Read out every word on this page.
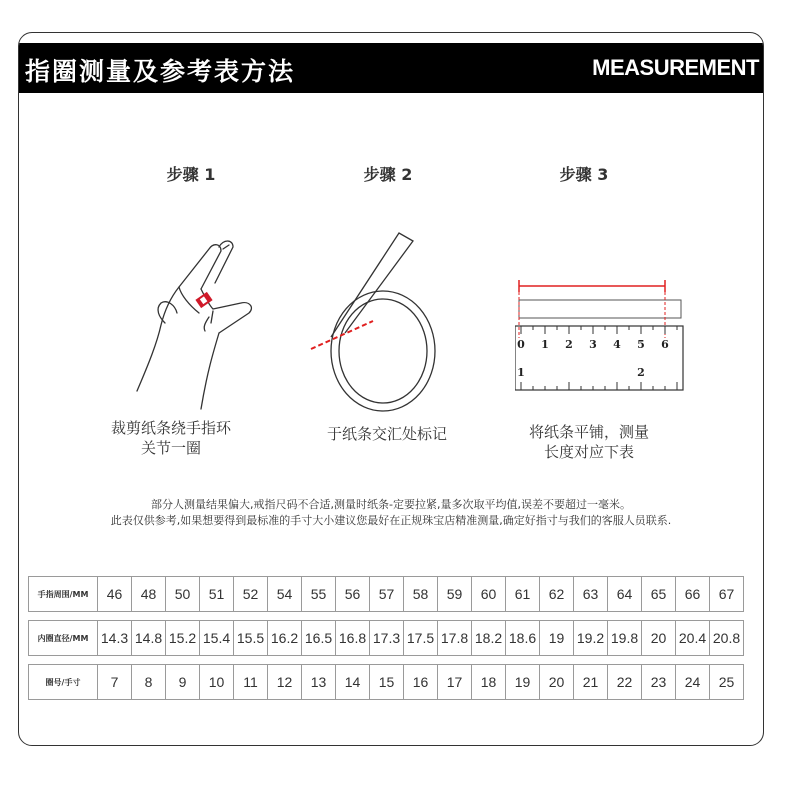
指圈测量及参考表方法	MEASUREMENT
步骤 1	步骤 2	步骤 3
0 1 2 3 4 5 6
1	2
裁剪纸条绕手指环
关节一圈
于纸条交汇处标记	将纸条平铺，测量
长度对应下表
部分人测量结果偏大,戒指尺码不合适,测量时纸条-定要拉紧,量多次取平均值,误差不要超过一毫米。
此表仅供参考,如果想要得到最标准的手寸大小建议您最好在正规珠宝店精准测量,确定好指寸与我们的客服人员联系.
手指周围/MM	46	48	50	51	52	54	55	56	57	58	59	60	61	62	63	64	65	66	67
内圈直径/MM	14.3	14.8	15.2	15.4	15.5	16.2	16.5	16.8	17.3	17.5	17.8	18.2	18.6	19	19.2	19.8	20	20.4	20.8
圈号/手寸	7	8	9	10	11	12	13	14	15	16	17	18	19	20	21	22	23	24	25
